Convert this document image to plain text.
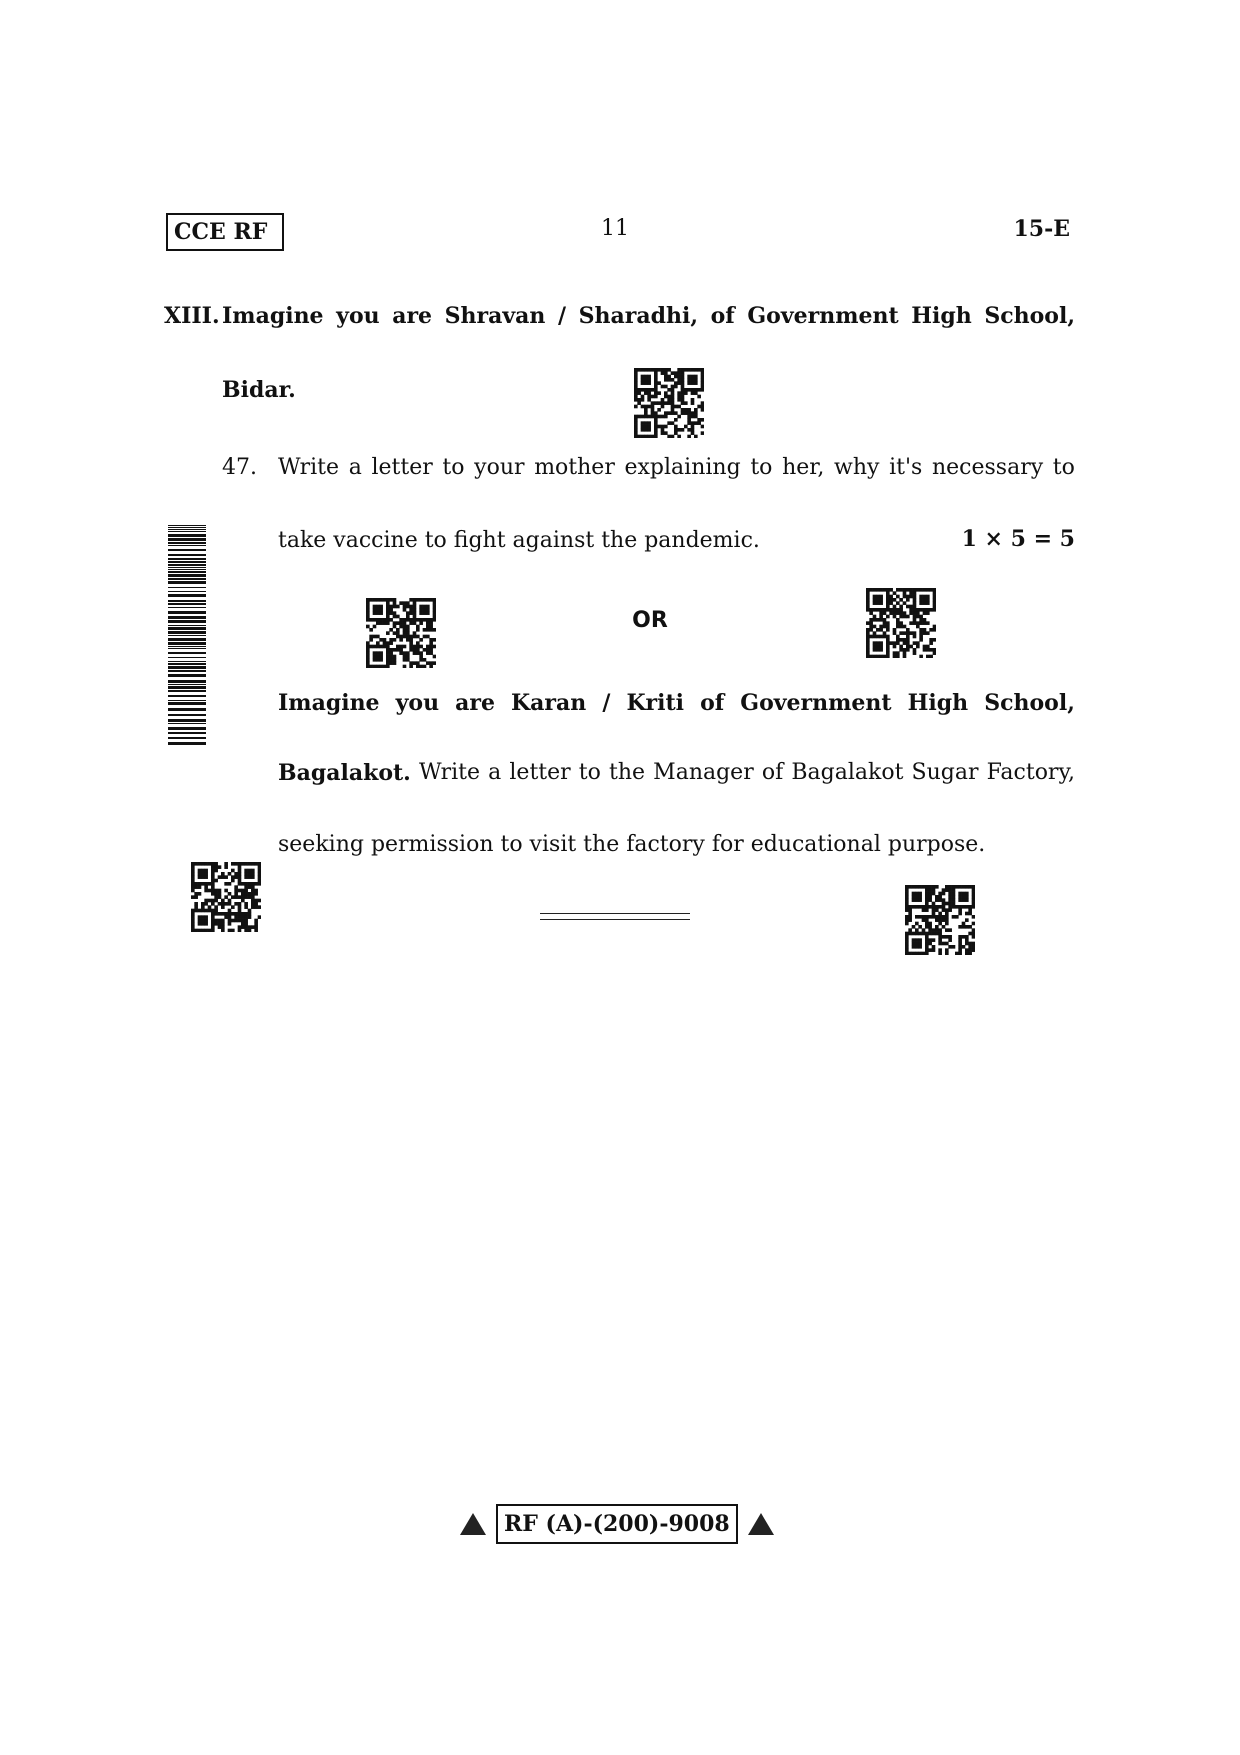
CCE RF	11	15-E
XIII. Imagine you are Shravan / Sharadhi, of Government High School,
Bidar.
47. Write a letter to your mother explaining to her, why it's necessary to
take vaccine to fight against the pandemic.	1 × 5 = 5
OR
Imagine you are Karan / Kriti of Government High School,
Bagalakot. Write a letter to the Manager of Bagalakot Sugar Factory,
seeking permission to visit the factory for educational purpose.
RF (A)-(200)-9008
